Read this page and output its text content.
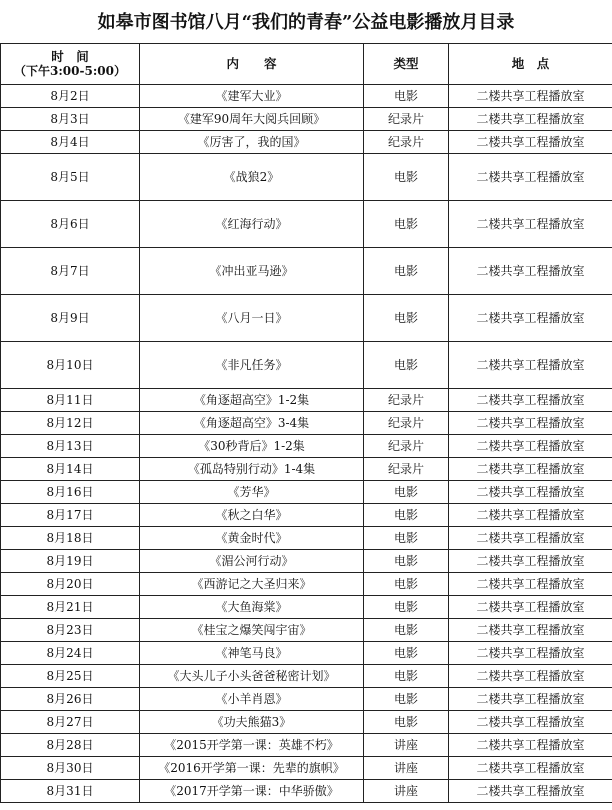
如皋市图书馆八月“我们的青春”公益电影播放月目录
时　间
（下午3:00-5:00）	内　　容	类型	地　点
8月2日	《建军大业》	电影	二楼共享工程播放室
8月3日	《建军90周年大阅兵回顾》	纪录片	二楼共享工程播放室
8月4日	《厉害了，我的国》	纪录片	二楼共享工程播放室
8月5日	《战狼2》	电影	二楼共享工程播放室
8月6日	《红海行动》	电影	二楼共享工程播放室
8月7日	《冲出亚马逊》	电影	二楼共享工程播放室
8月9日	《八月一日》	电影	二楼共享工程播放室
8月10日	《非凡任务》	电影	二楼共享工程播放室
8月11日	《角逐超高空》1-2集	纪录片	二楼共享工程播放室
8月12日	《角逐超高空》3-4集	纪录片	二楼共享工程播放室
8月13日	《30秒背后》1-2集	纪录片	二楼共享工程播放室
8月14日	《孤岛特别行动》1-4集	纪录片	二楼共享工程播放室
8月16日	《芳华》	电影	二楼共享工程播放室
8月17日	《秋之白华》	电影	二楼共享工程播放室
8月18日	《黄金时代》	电影	二楼共享工程播放室
8月19日	《湄公河行动》	电影	二楼共享工程播放室
8月20日	《西游记之大圣归来》	电影	二楼共享工程播放室
8月21日	《大鱼海棠》	电影	二楼共享工程播放室
8月23日	《桂宝之爆笑闯宇宙》	电影	二楼共享工程播放室
8月24日	《神笔马良》	电影	二楼共享工程播放室
8月25日	《大头儿子小头爸爸秘密计划》	电影	二楼共享工程播放室
8月26日	《小羊肖恩》	电影	二楼共享工程播放室
8月27日	《功夫熊猫3》	电影	二楼共享工程播放室
8月28日	《2015开学第一课：英雄不朽》	讲座	二楼共享工程播放室
8月30日	《2016开学第一课：先辈的旗帜》	讲座	二楼共享工程播放室
8月31日	《2017开学第一课：中华骄傲》	讲座	二楼共享工程播放室
